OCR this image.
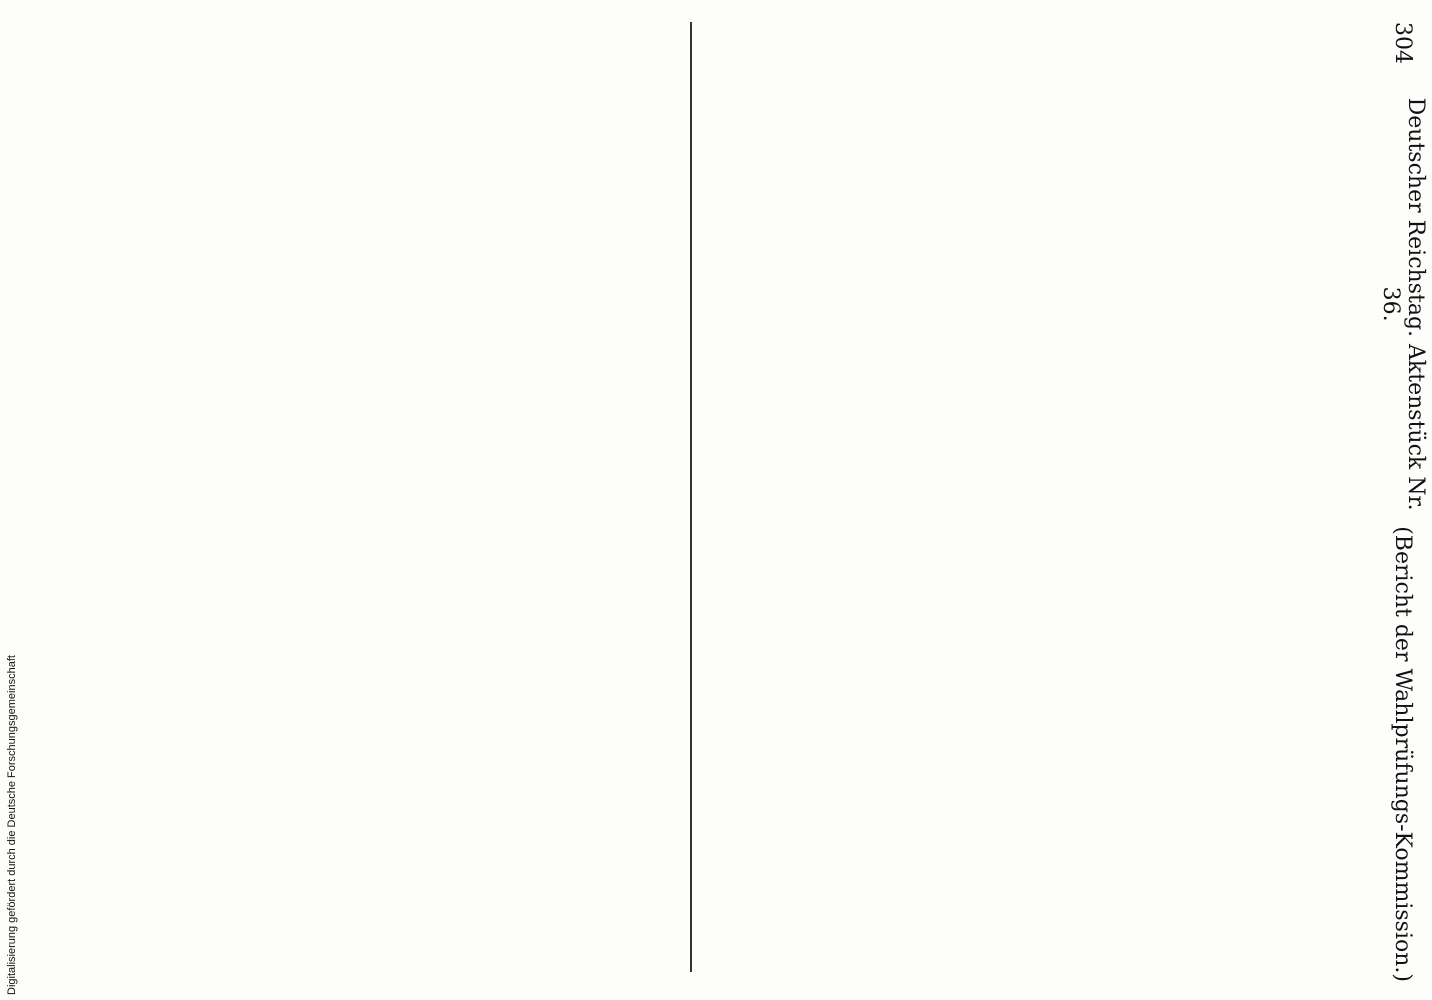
304
Deutscher Reichstag. Aktenstück Nr. 36.
(Bericht der Wahlprüfungs-Kommission.)
Digitalisierung gefördert durch die Deutsche Forschungsgemeinschaft
